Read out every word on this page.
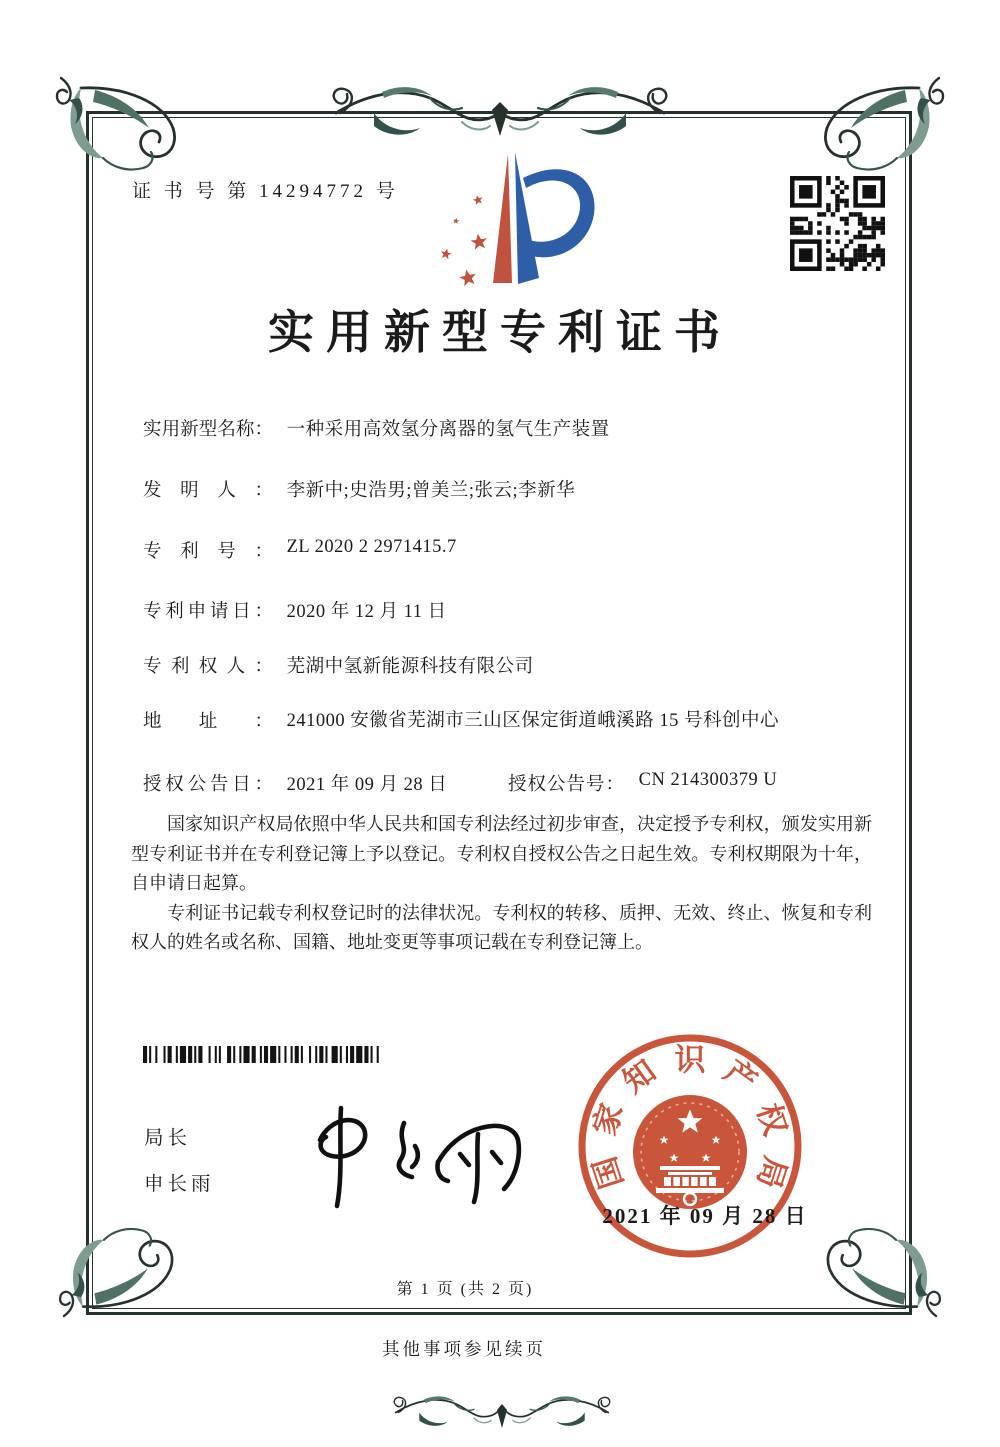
证 书 号 第 14294772 号
实用新型专利证书
实用新型名称： 一种采用高效氢分离器的氢气生产装置
发明人： 李新中;史浩男;曾美兰;张云;李新华
专利号： ZL 2020 2 2971415.7
专利申请日： 2020 年 12 月 11 日
专利权人： 芜湖中氢新能源科技有限公司
地址： 241000 安徽省芜湖市三山区保定街道峨溪路 15 号科创中心
授权公告日： 2021 年 09 月 28 日	授权公告号： CN 214300379 U

国家知识产权局依照中华人民共和国专利法经过初步审查，决定授予专利权，颁发实用新型专利证书并在专利登记簿上予以登记。专利权自授权公告之日起生效。专利权期限为十年，自申请日起算。

专利证书记载专利权登记时的法律状况。专利权的转移、质押、无效、终止、恢复和专利权人的姓名或名称、国籍、地址变更等事项记载在专利登记簿上。

局长
申长雨	国
家
知 识 产
权
局
2021 年 09 月 28 日
第 1 页 (共 2 页)
其他事项参见续页
